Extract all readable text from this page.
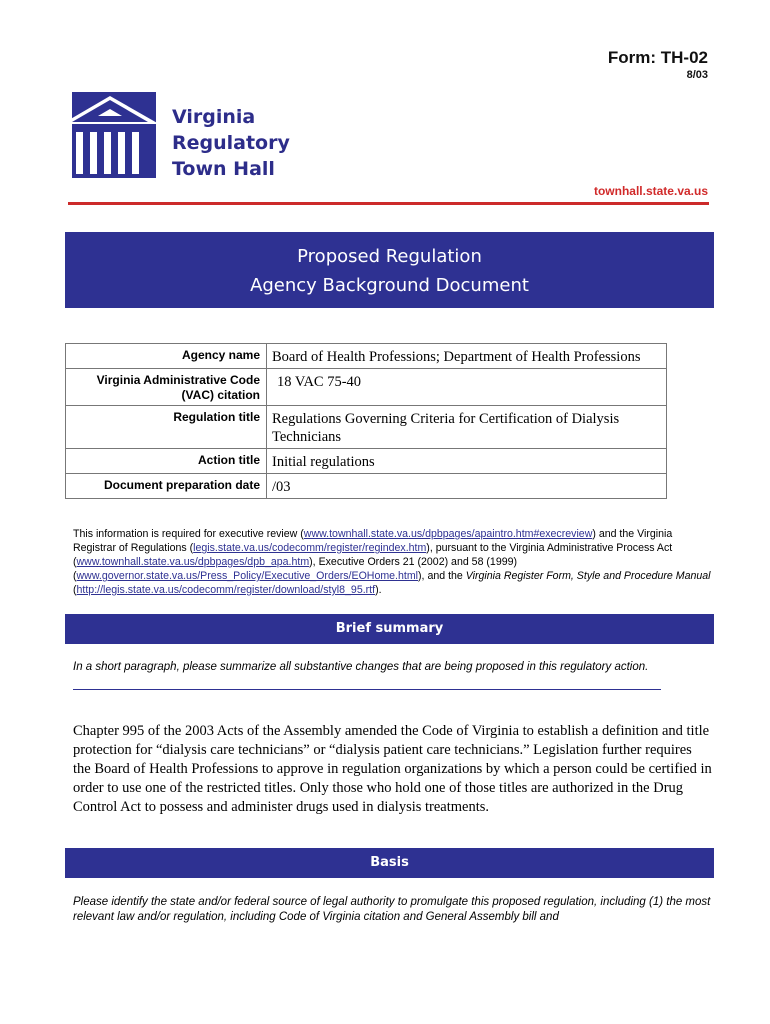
Form: TH-02
8/03
Virginia
Regulatory
Town Hall
townhall.state.va.us
Proposed Regulation
Agency Background Document
Agency name	Board of Health Professions; Department of Health Professions
Virginia Administrative Code (VAC) citation	18 VAC 75-40
Regulation title	Regulations Governing Criteria for Certification of Dialysis Technicians
Action title	Initial regulations
Document preparation date	/03
This information is required for executive review (www.townhall.state.va.us/dpbpages/apaintro.htm#execreview) and the Virginia Registrar of Regulations (legis.state.va.us/codecomm/register/regindex.htm), pursuant to the Virginia Administrative Process Act (www.townhall.state.va.us/dpbpages/dpb_apa.htm), Executive Orders 21 (2002) and 58 (1999) (www.governor.state.va.us/Press_Policy/Executive_Orders/EOHome.html), and the Virginia Register Form, Style and Procedure Manual (http://legis.state.va.us/codecomm/register/download/styl8_95.rtf).
Brief summary
In a short paragraph, please summarize all substantive changes that are being proposed in this regulatory action.
Chapter 995 of the 2003 Acts of the Assembly amended the Code of Virginia to establish a definition and title protection for “dialysis care technicians” or “dialysis patient care technicians.” Legislation further requires the Board of Health Professions to approve in regulation organizations by which a person could be certified in order to use one of the restricted titles. Only those who hold one of those titles are authorized in the Drug Control Act to possess and administer drugs used in dialysis treatments.
Basis
Please identify the state and/or federal source of legal authority to promulgate this proposed regulation, including (1) the most relevant law and/or regulation, including Code of Virginia citation and General Assembly bill and
